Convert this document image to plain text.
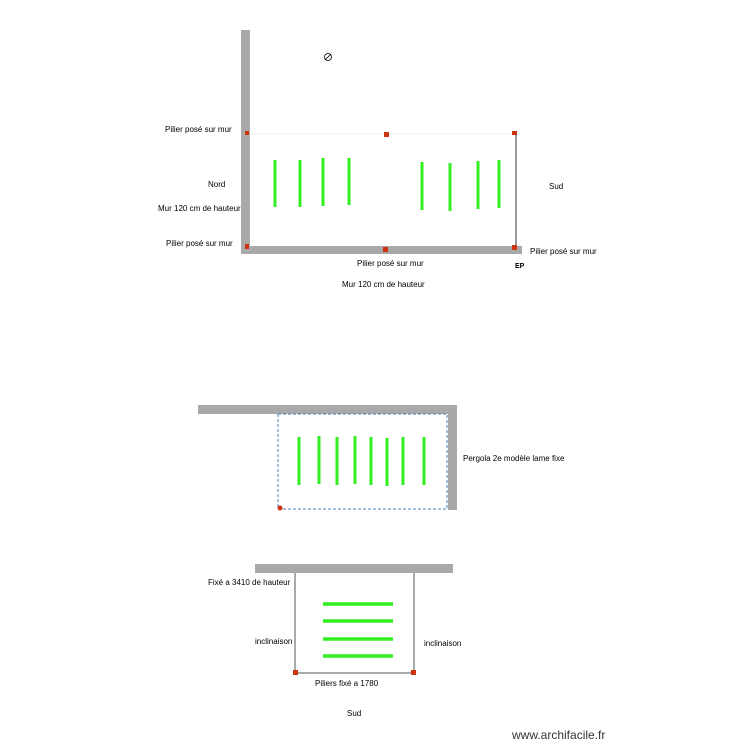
Pilier posé sur mur
Nord
Mur 120 cm de hauteur
Pilier posé sur mur
Pilier posé sur mur
Mur 120 cm de hauteur
Sud
Pilier posé sur mur
EP
Pergola 2e modèle lame fixe
Fixé a 3410 de hauteur
inclinaison	inclinaison
Piliers fixé a 1780
Sud
www.archifacile.fr
